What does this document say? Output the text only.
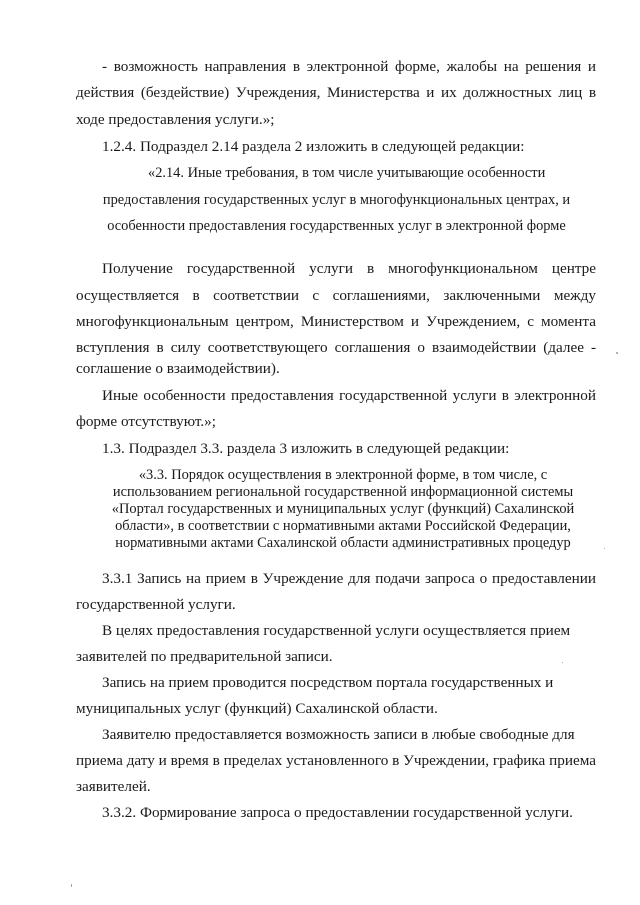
- возможность направления в электронной форме, жалобы на решения и
действия (бездействие) Учреждения, Министерства и их должностных лиц в
ходе предоставления услуги.»;
1.2.4. Подраздел 2.14 раздела 2 изложить в следующей редакции:
«2.14. Иные требования, в том числе учитывающие особенности
предоставления государственных услуг в многофункциональных центрах, и
особенности предоставления государственных услуг в электронной форме
Получение государственной услуги в многофункциональном центре
осуществляется в соответствии с соглашениями, заключенными между
многофункциональным центром, Министерством и Учреждением, с момента
вступления в силу соответствующего соглашения о взаимодействии (далее -
соглашение о взаимодействии).
Иные особенности предоставления государственной услуги в электронной
форме отсутствуют.»;
1.3. Подраздел 3.3. раздела 3 изложить в следующей редакции:
«3.3. Порядок осуществления в электронной форме, в том числе, с
использованием региональной государственной информационной системы
«Портал государственных и муниципальных услуг (функций) Сахалинской
области», в соответствии с нормативными актами Российской Федерации,
нормативными актами Сахалинской области административных процедур
3.3.1 Запись на прием в Учреждение для подачи запроса о предоставлении
государственной услуги.
В целях предоставления государственной услуги осуществляется прием
заявителей по предварительной записи.
Запись на прием проводится посредством портала государственных и
муниципальных услуг (функций) Сахалинской области.
Заявителю предоставляется возможность записи в любые свободные для
приема дату и время в пределах установленного в Учреждении, графика приема
заявителей.
3.3.2. Формирование запроса о предоставлении государственной услуги.
